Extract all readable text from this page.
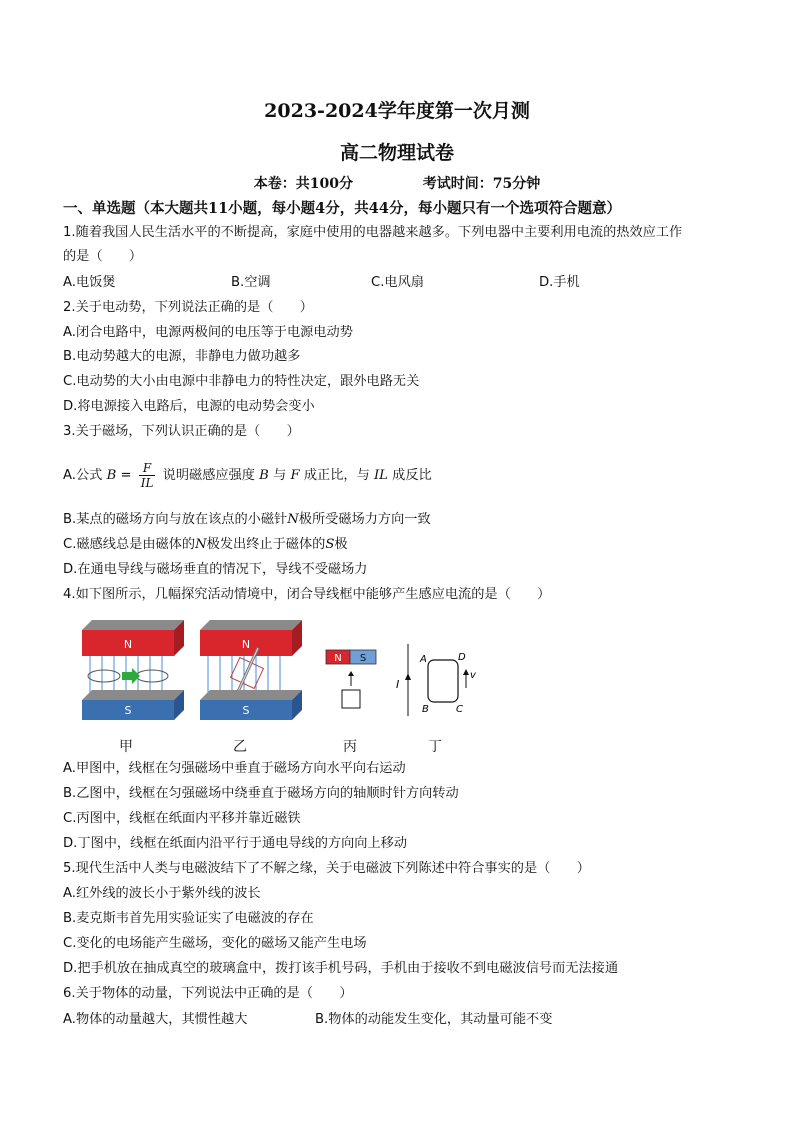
2023-2024学年度第一次月测
高二物理试卷
本卷：共100分	考试时间：75分钟
一、单选题（本大题共11小题，每小题4分，共44分，每小题只有一个选项符合题意）
1.随着我国人民生活水平的不断提高，家庭中使用的电器越来越多。下列电器中主要利用电流的热效应工作
的是（　　）
A.电饭煲	B.空调	C.电风扇	D.手机
2.关于电动势，下列说法正确的是（　　）
A.闭合电路中，电源两极间的电压等于电源电动势
B.电动势越大的电源，非静电力做功越多
C.电动势的大小由电源中非静电力的特性决定，跟外电路无关
D.将电源接入电路后，电源的电动势会变小
3.关于磁场，下列认识正确的是（　　）
A.公式 $B = \frac{F}{IL}$ 说明磁感应强度 B 与 F 成正比，与 IL 成反比
B.某点的磁场方向与放在该点的小磁针N极所受磁场力方向一致
C.磁感线总是由磁体的N极发出终止于磁体的S极
D.在通电导线与磁场垂直的情况下，导线不受磁场力
4.如下图所示，几幅探究活动情境中，闭合导线框中能够产生感应电流的是（　　）
N
S
N
S
N S
I
A	D
B	C
v
甲	乙	丙	丁
A.甲图中，线框在匀强磁场中垂直于磁场方向水平向右运动
B.乙图中，线框在匀强磁场中绕垂直于磁场方向的轴顺时针方向转动
C.丙图中，线框在纸面内平移并靠近磁铁
D.丁图中，线框在纸面内沿平行于通电导线的方向向上移动
5.现代生活中人类与电磁波结下了不解之缘，关于电磁波下列陈述中符合事实的是（　　）
A.红外线的波长小于紫外线的波长
B.麦克斯韦首先用实验证实了电磁波的存在
C.变化的电场能产生磁场，变化的磁场又能产生电场
D.把手机放在抽成真空的玻璃盒中，拨打该手机号码，手机由于接收不到电磁波信号而无法接通
6.关于物体的动量，下列说法中正确的是（　　）
A.物体的动量越大，其惯性越大	B.物体的动能发生变化，其动量可能不变
